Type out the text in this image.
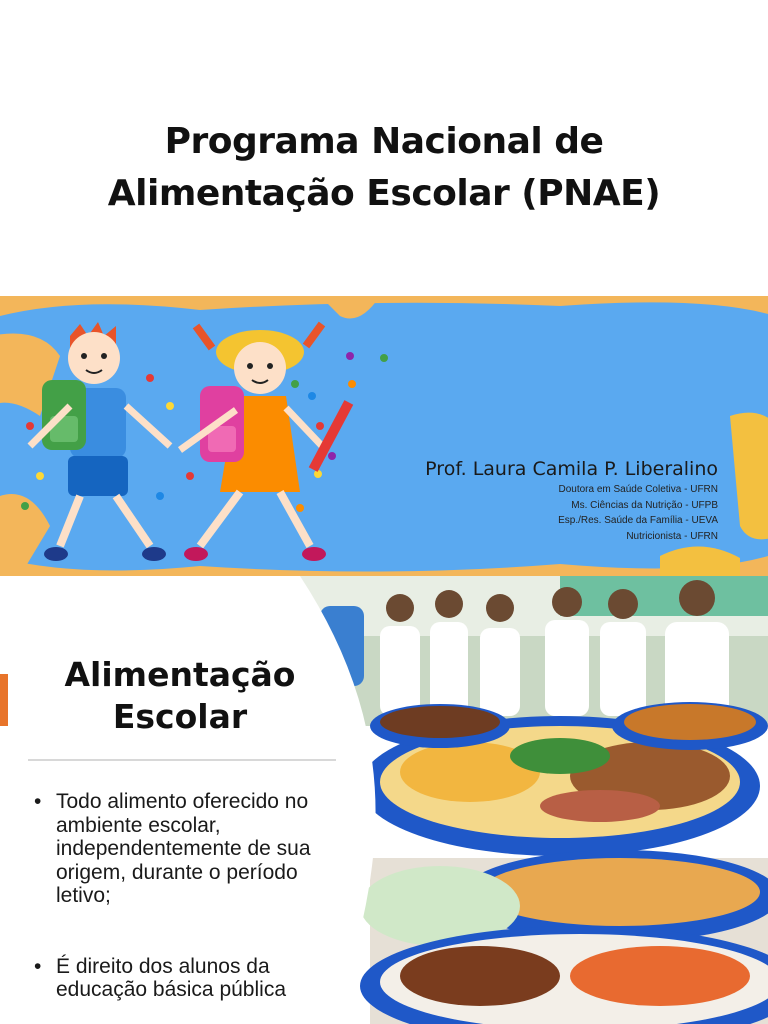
Programa Nacional de
Alimentação Escolar (PNAE)
Prof. Laura Camila P. Liberalino
Doutora em Saúde Coletiva - UFRN
Ms. Ciências da Nutrição - UFPB
Esp./Res. Saúde da Família - UEVA
Nutricionista - UFRN
Alimentação
Escolar
• Todo alimento oferecido no ambiente escolar, independentemente de sua origem, durante o período letivo;
• É direito dos alunos da educação básica pública
